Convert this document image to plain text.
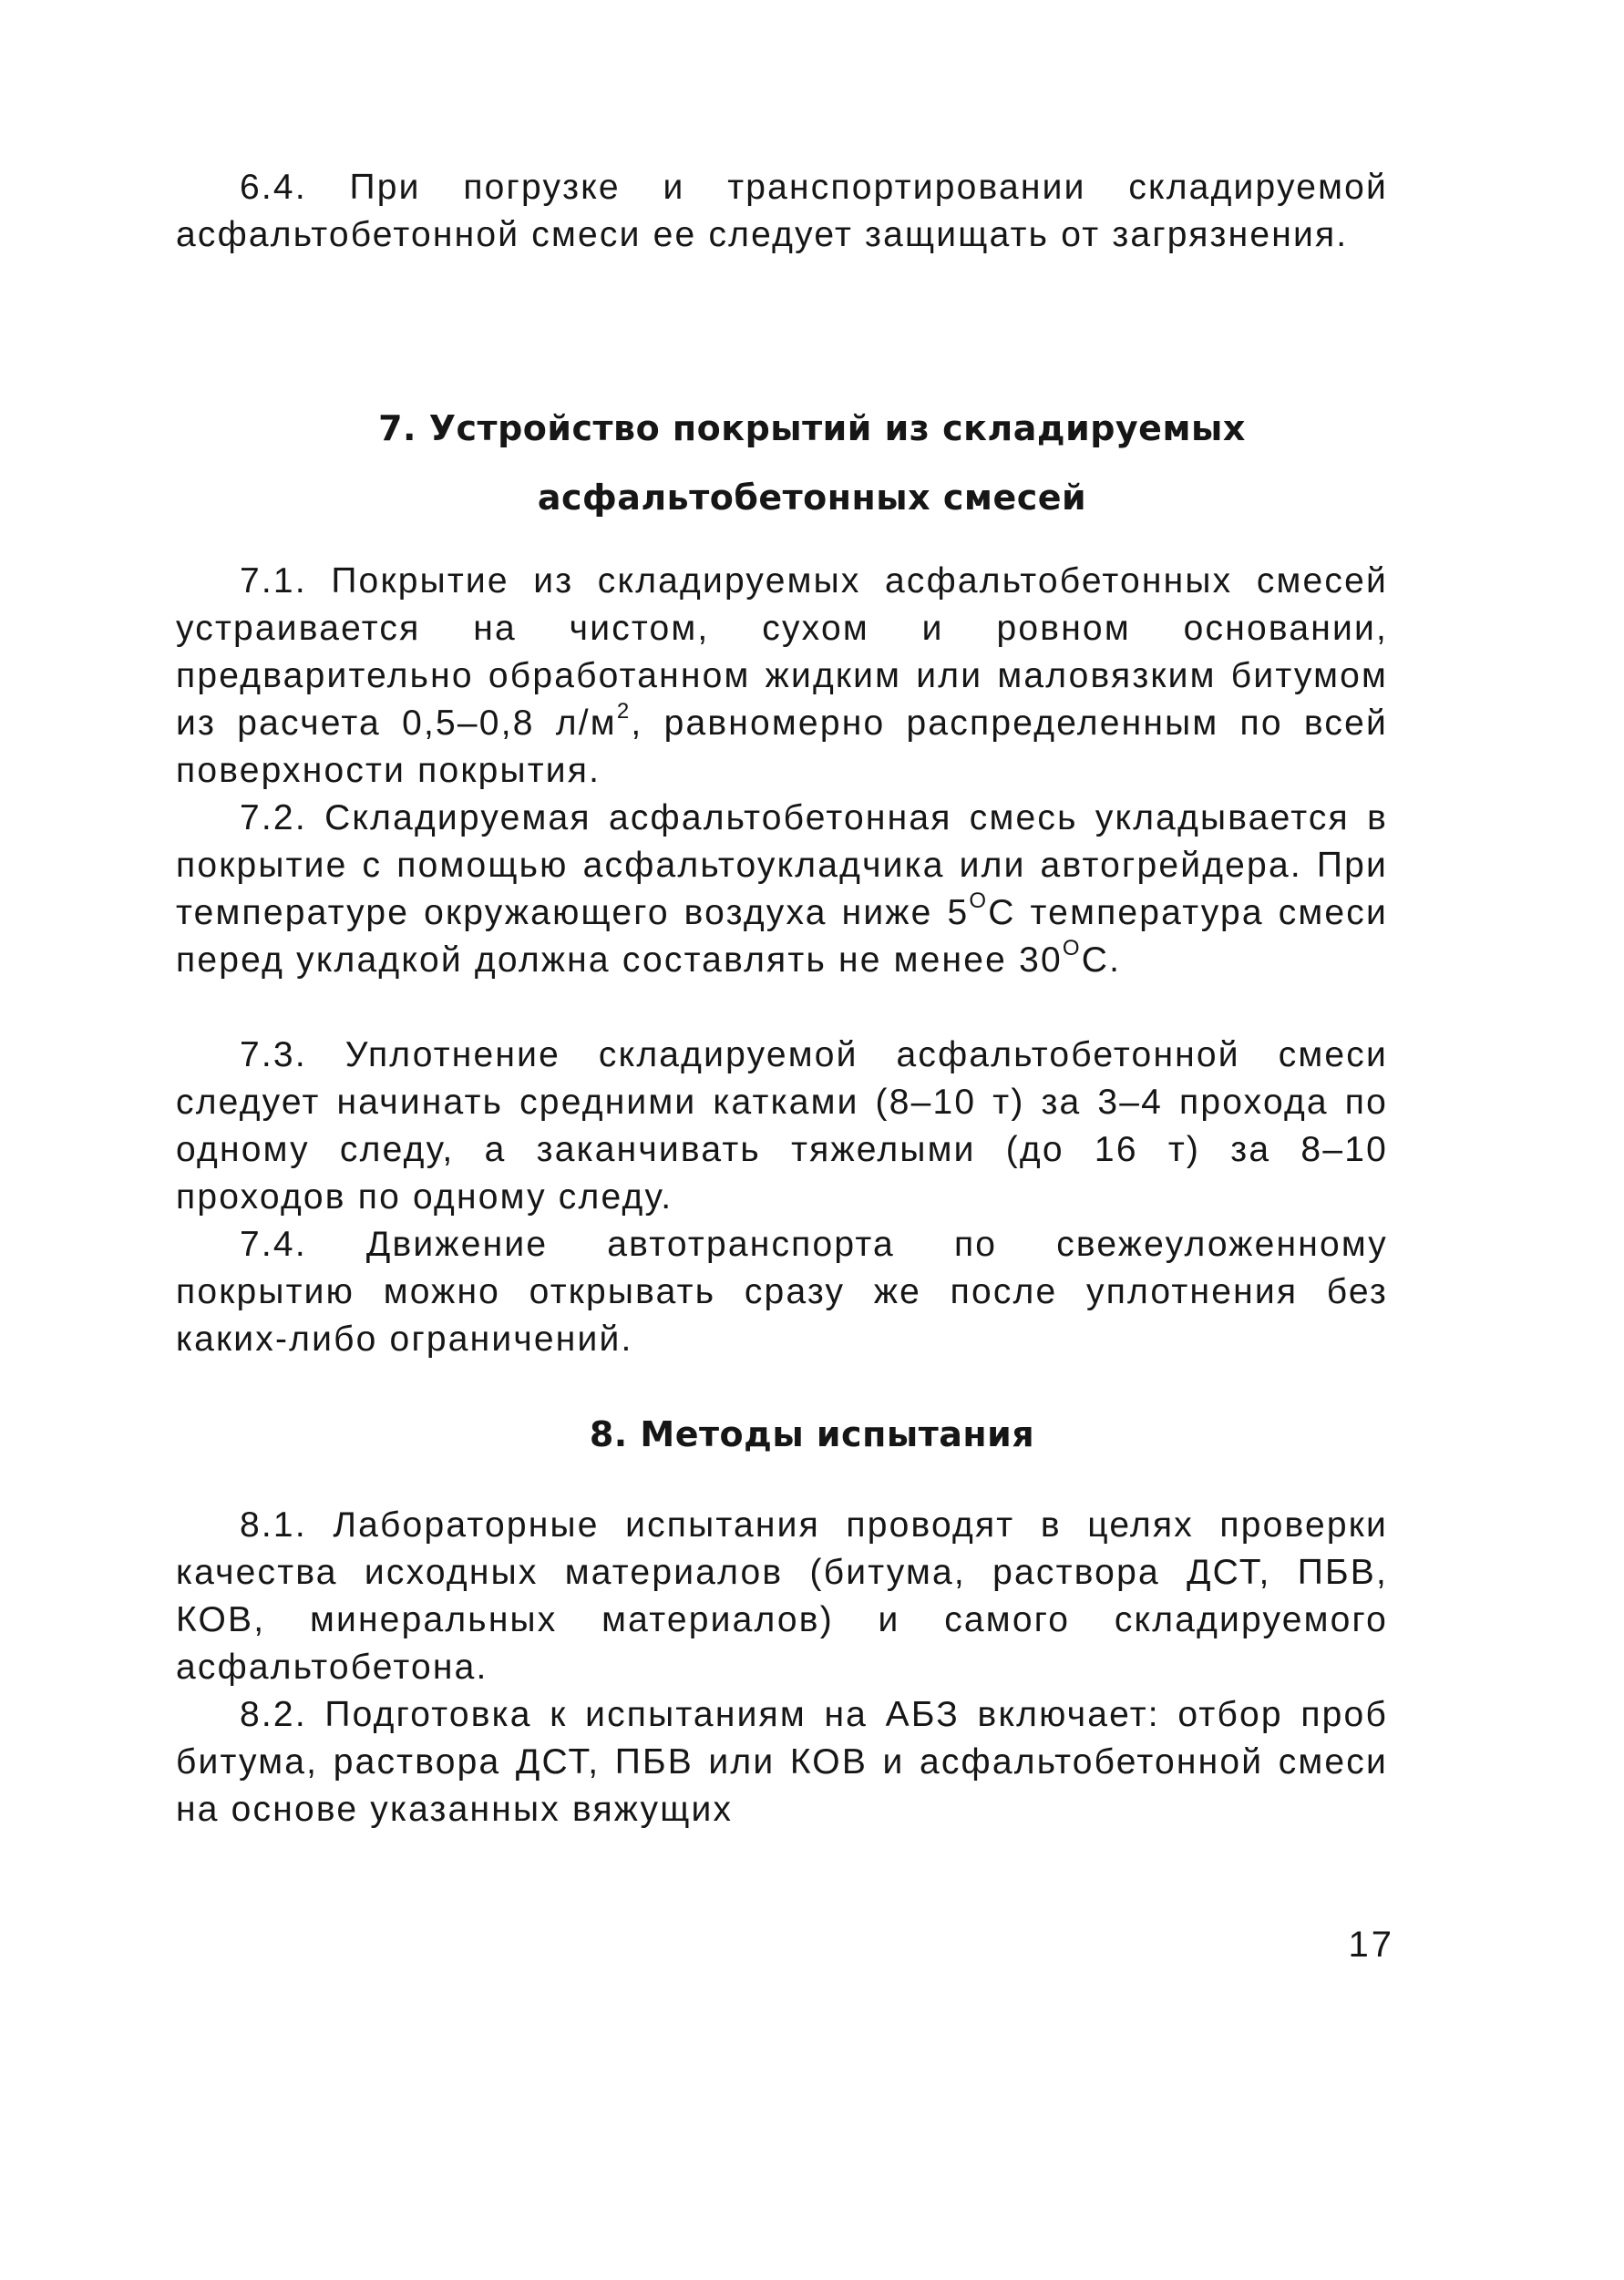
6.4. При погрузке и транспортировании складируемой асфальтобетонной смеси ее следует защищать от загрязнения.

7. Устройство покрытий из складируемых
асфальтобетонных смесей

7.1. Покрытие из складируемых асфальтобетонных смесей устраивается на чистом, сухом и ровном основании, предварительно обработанном жидким или маловязким битумом из расчета 0,5–0,8 $л/м^2$, равномерно распределенным по всей поверхности покрытия.

7.2. Складируемая асфальтобетонная смесь укладывается в покрытие с помощью асфальтоукладчика или автогрейдера. При температуре окружающего воздуха ниже $5^OС$ температура смеси перед укладкой должна составлять не менее $30^OС$.

7.3. Уплотнение складируемой асфальтобетонной смеси следует начинать средними катками (8–10 т) за 3–4 прохода по одному следу, а заканчивать тяжелыми (до 16 т) за 8–10 проходов по одному следу.

7.4. Движение автотранспорта по свежеуложенному покрытию можно открывать сразу же после уплотнения без каких-либо ограничений.

8. Методы испытания

8.1. Лабораторные испытания проводят в целях проверки качества исходных материалов (битума, раствора ДСТ, ПБВ, КОВ, минеральных материалов) и самого складируемого асфальтобетона.

8.2. Подготовка к испытаниям на АБЗ включает: отбор проб битума, раствора ДСТ, ПБВ или КОВ и асфальтобетонной смеси на основе указанных вяжущих

17
